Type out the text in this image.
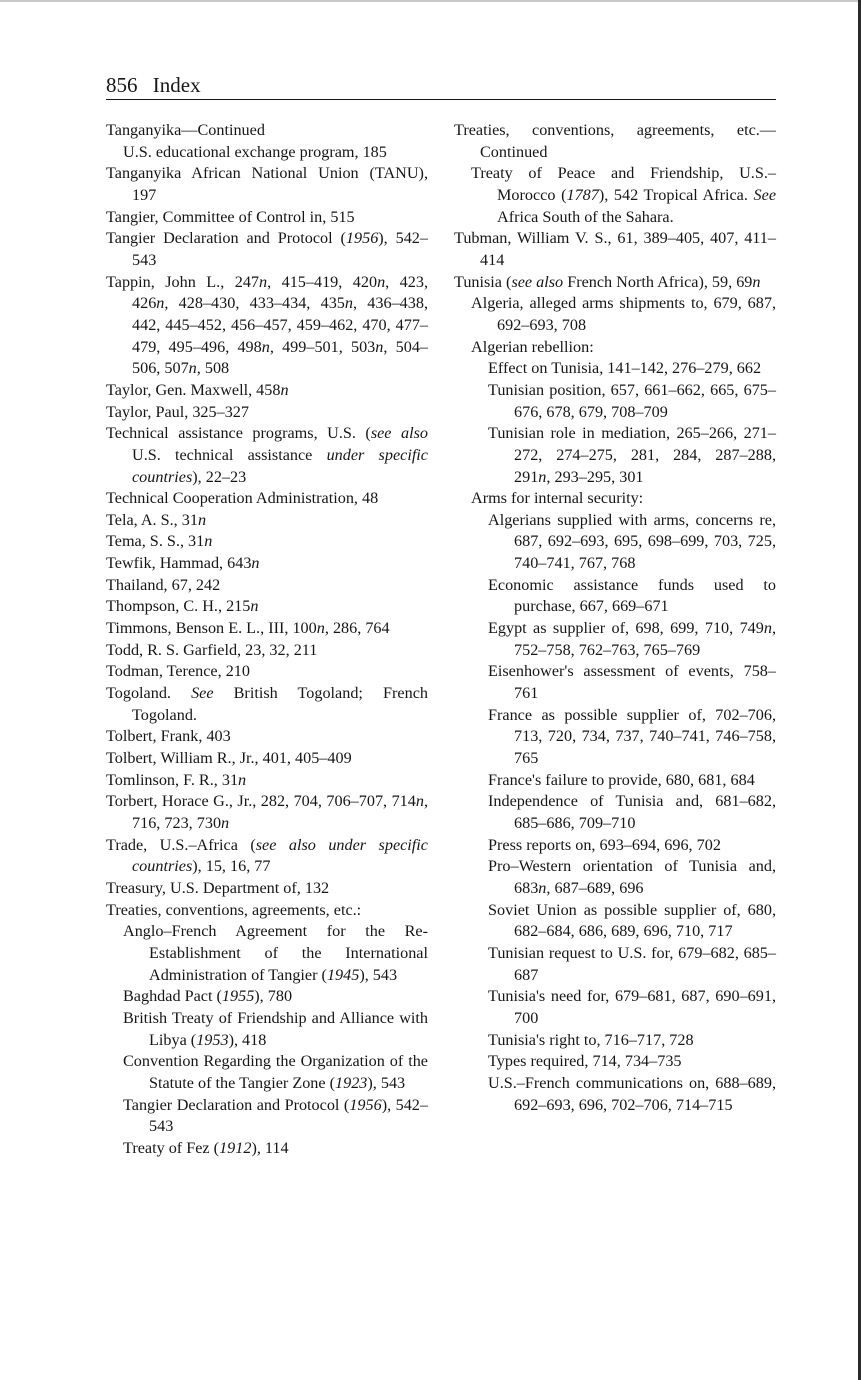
856 Index
Tanganyika—Continued
U.S. educational exchange program, 185
Tanganyika African National Union (TANU), 197
Tangier, Committee of Control in, 515
Tangier Declaration and Protocol (1956), 542–543
Tappin, John L., 247n, 415–419, 420n, 423, 426n, 428–430, 433–434, 435n, 436–438, 442, 445–452, 456–457, 459–462, 470, 477–479, 495–496, 498n, 499–501, 503n, 504–506, 507n, 508
Taylor, Gen. Maxwell, 458n
Taylor, Paul, 325–327
Technical assistance programs, U.S. (see also U.S. technical assistance under specific countries), 22–23
Technical Cooperation Administration, 48
Tela, A. S., 31n
Tema, S. S., 31n
Tewfik, Hammad, 643n
Thailand, 67, 242
Thompson, C. H., 215n
Timmons, Benson E. L., III, 100n, 286, 764
Todd, R. S. Garfield, 23, 32, 211
Todman, Terence, 210
Togoland. See British Togoland; French Togoland.
Tolbert, Frank, 403
Tolbert, William R., Jr., 401, 405–409
Tomlinson, F. R., 31n
Torbert, Horace G., Jr., 282, 704, 706–707, 714n, 716, 723, 730n
Trade, U.S.–Africa (see also under specific countries), 15, 16, 77
Treasury, U.S. Department of, 132
Treaties, conventions, agreements, etc.:
Anglo–French Agreement for the Re-Establishment of the International Administration of Tangier (1945), 543
Baghdad Pact (1955), 780
British Treaty of Friendship and Alliance with Libya (1953), 418
Convention Regarding the Organization of the Statute of the Tangier Zone (1923), 543
Tangier Declaration and Protocol (1956), 542–543
Treaty of Fez (1912), 114
Treaties, conventions, agreements, etc.—Continued
Treaty of Peace and Friendship, U.S.–Morocco (1787), 542 Tropical Africa. See Africa South of the Sahara.
Tubman, William V. S., 61, 389–405, 407, 411–414
Tunisia (see also French North Africa), 59, 69n
Algeria, alleged arms shipments to, 679, 687, 692–693, 708
Algerian rebellion:
Effect on Tunisia, 141–142, 276–279, 662
Tunisian position, 657, 661–662, 665, 675–676, 678, 679, 708–709
Tunisian role in mediation, 265–266, 271–272, 274–275, 281, 284, 287–288, 291n, 293–295, 301
Arms for internal security:
Algerians supplied with arms, concerns re, 687, 692–693, 695, 698–699, 703, 725, 740–741, 767, 768
Economic assistance funds used to purchase, 667, 669–671
Egypt as supplier of, 698, 699, 710, 749n, 752–758, 762–763, 765–769
Eisenhower's assessment of events, 758–761
France as possible supplier of, 702–706, 713, 720, 734, 737, 740–741, 746–758, 765
France's failure to provide, 680, 681, 684
Independence of Tunisia and, 681–682, 685–686, 709–710
Press reports on, 693–694, 696, 702
Pro–Western orientation of Tunisia and, 683n, 687–689, 696
Soviet Union as possible supplier of, 680, 682–684, 686, 689, 696, 710, 717
Tunisian request to U.S. for, 679–682, 685–687
Tunisia's need for, 679–681, 687, 690–691, 700
Tunisia's right to, 716–717, 728
Types required, 714, 734–735
U.S.–French communications on, 688–689, 692–693, 696, 702–706, 714–715
